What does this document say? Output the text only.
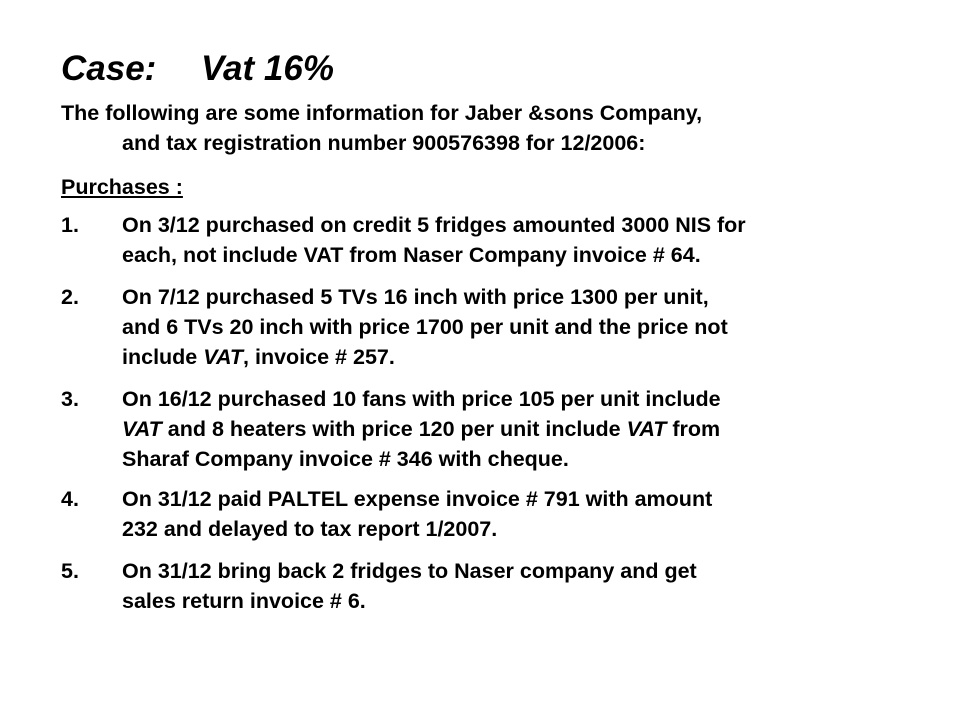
Case: Vat 16%
The following are some information for Jaber &sons Company,
and tax registration number 900576398 for 12/2006:
Purchases :
1. On 3/12 purchased on credit 5 fridges amounted 3000 NIS for
each, not include VAT from Naser Company invoice # 64.
2. On 7/12 purchased 5 TVs 16 inch with price 1300 per unit,
and 6 TVs 20 inch with price 1700 per unit and the price not
include VAT, invoice # 257.
3. On 16/12 purchased 10 fans with price 105 per unit include
VAT and 8 heaters with price 120 per unit include VAT from
Sharaf Company invoice # 346 with cheque.
4. On 31/12 paid PALTEL expense invoice # 791 with amount
232 and delayed to tax report 1/2007.
5. On 31/12 bring back 2 fridges to Naser company and get
sales return invoice # 6.
